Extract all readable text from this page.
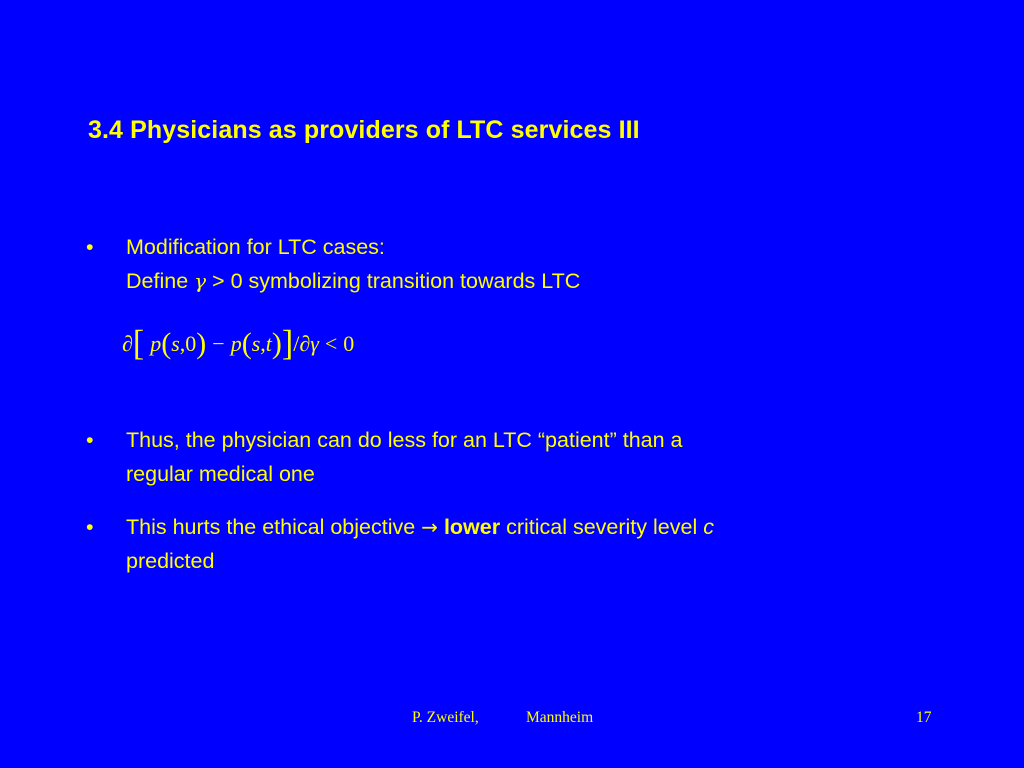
3.4 Physicians as providers of LTC services III
•	Modification for LTC cases:
Define γ > 0 symbolizing transition towards LTC
∂ [ p ( s , 0 ) − p ( s , t ) ] / ∂ γ < 0
•	Thus, the physician can do less for an LTC “patient” than a
regular medical one
•	This hurts the ethical objective → lower critical severity level c
predicted
P. Zweifel,	Mannheim	17
